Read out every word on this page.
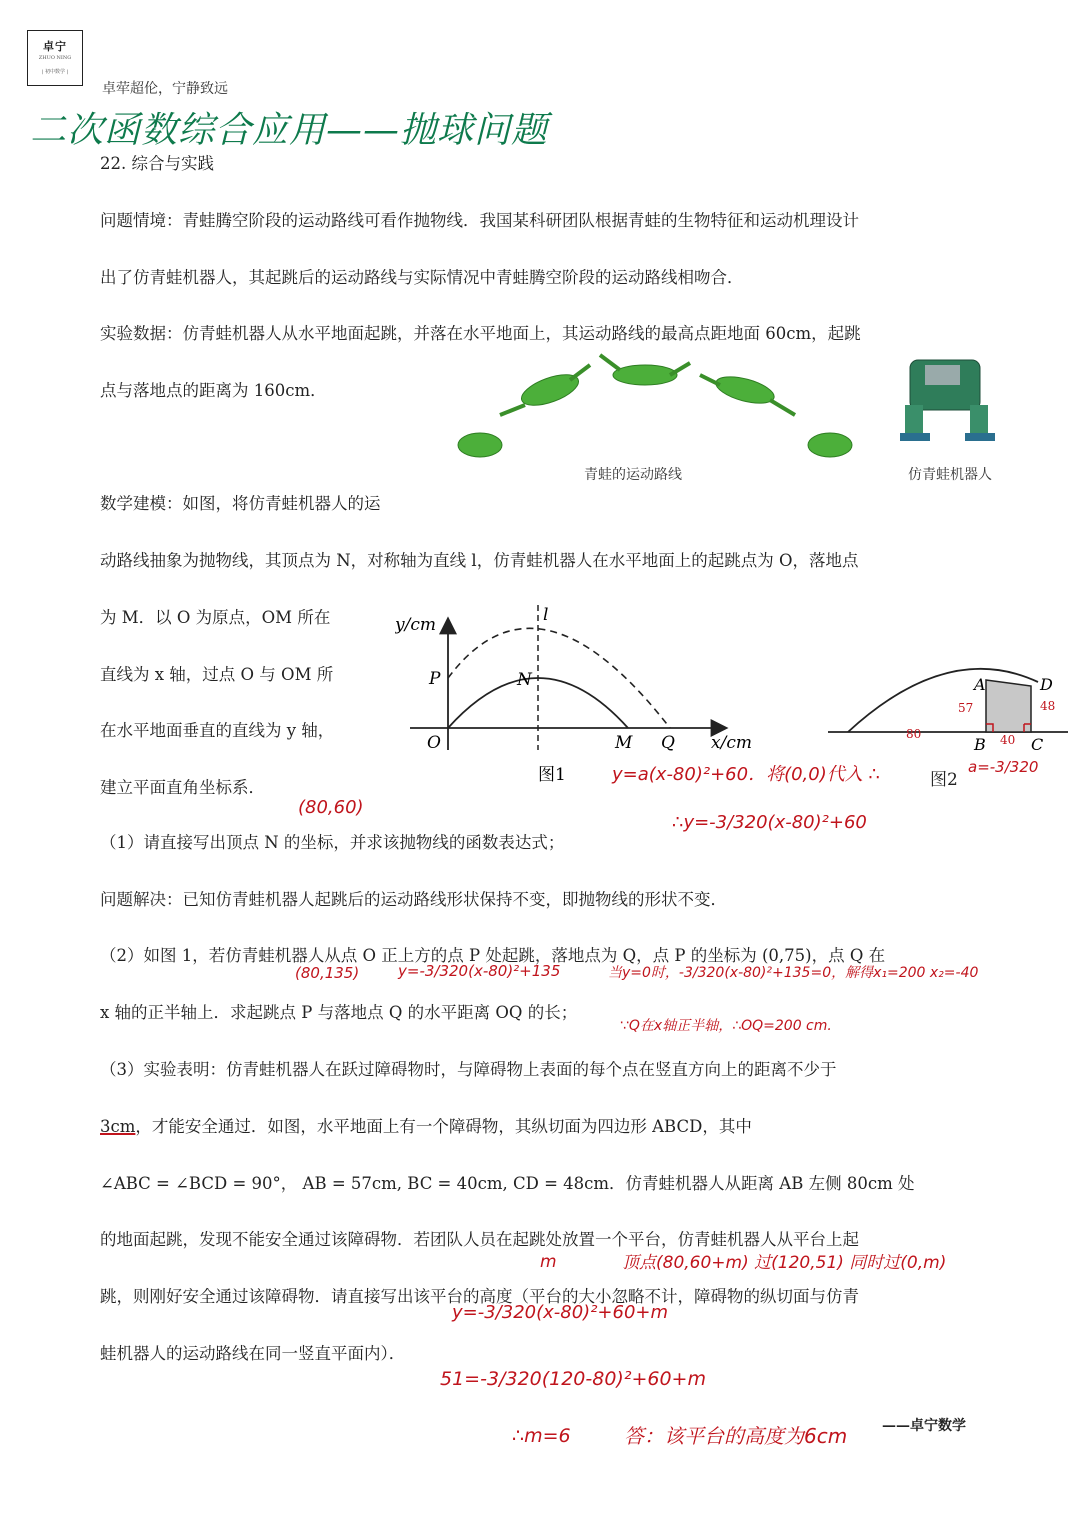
卓宁
ZHUO NING
| 初中数学 |
卓荦超伦，宁静致远
二次函数综合应用——抛球问题
22. 综合与实践
问题情境：青蛙腾空阶段的运动路线可看作抛物线．我国某科研团队根据青蛙的生物特征和运动机理设计
出了仿青蛙机器人，其起跳后的运动路线与实际情况中青蛙腾空阶段的运动路线相吻合．
实验数据：仿青蛙机器人从水平地面起跳，并落在水平地面上，其运动路线的最高点距地面 60cm，起跳
点与落地点的距离为 160cm．
青蛙的运动路线	仿青蛙机器人
数学建模：如图，将仿青蛙机器人的运
动路线抽象为抛物线，其顶点为 N，对称轴为直线 l，仿青蛙机器人在水平地面上的起跳点为 O，落地点
为 M．以 O 为原点，OM 所在
直线为 x 轴，过点 O 与 OM 所
在水平地面垂直的直线为 y 轴，
建立平面直角坐标系．
y/cm	l
P	N
O	M Q x/cm
图1
A	D
B	C
57
80	40
48
图2
y=a(x-80)²+60．将(0,0)代入 ∴	a=-3/320
(80,60)
∴y=-3/320(x-80)²+60
（1）请直接写出顶点 N 的坐标，并求该抛物线的函数表达式；
问题解决：已知仿青蛙机器人起跳后的运动路线形状保持不变，即抛物线的形状不变．
（2）如图 1，若仿青蛙机器人从点 O 正上方的点 P 处起跳，落地点为 Q，点 P 的坐标为 (0,75)，点 Q 在
(80,135)	y=-3/320(x-80)²+135	当y=0时，-3/320(x-80)²+135=0，解得x₁=200 x₂=-40
x 轴的正半轴上．求起跳点 P 与落地点 Q 的水平距离 OQ 的长；
∵Q在x轴正半轴，∴OQ=200 cm.
（3）实验表明：仿青蛙机器人在跃过障碍物时，与障碍物上表面的每个点在竖直方向上的距离不少于
3cm，才能安全通过．如图，水平地面上有一个障碍物，其纵切面为四边形 ABCD，其中
∠ABC = ∠BCD = 90°， AB = 57cm, BC = 40cm, CD = 48cm．仿青蛙机器人从距离 AB 左侧 80cm 处
的地面起跳，发现不能安全通过该障碍物．若团队人员在起跳处放置一个平台，仿青蛙机器人从平台上起
m	顶点(80,60+m) 过(120,51) 同时过(0,m)
跳，则刚好安全通过该障碍物．请直接写出该平台的高度（平台的大小忽略不计，障碍物的纵切面与仿青
y=-3/320(x-80)²+60+m
蛙机器人的运动路线在同一竖直平面内）．
51=-3/320(120-80)²+60+m
∴m=6	答：该平台的高度为6cm ——卓宁数学
